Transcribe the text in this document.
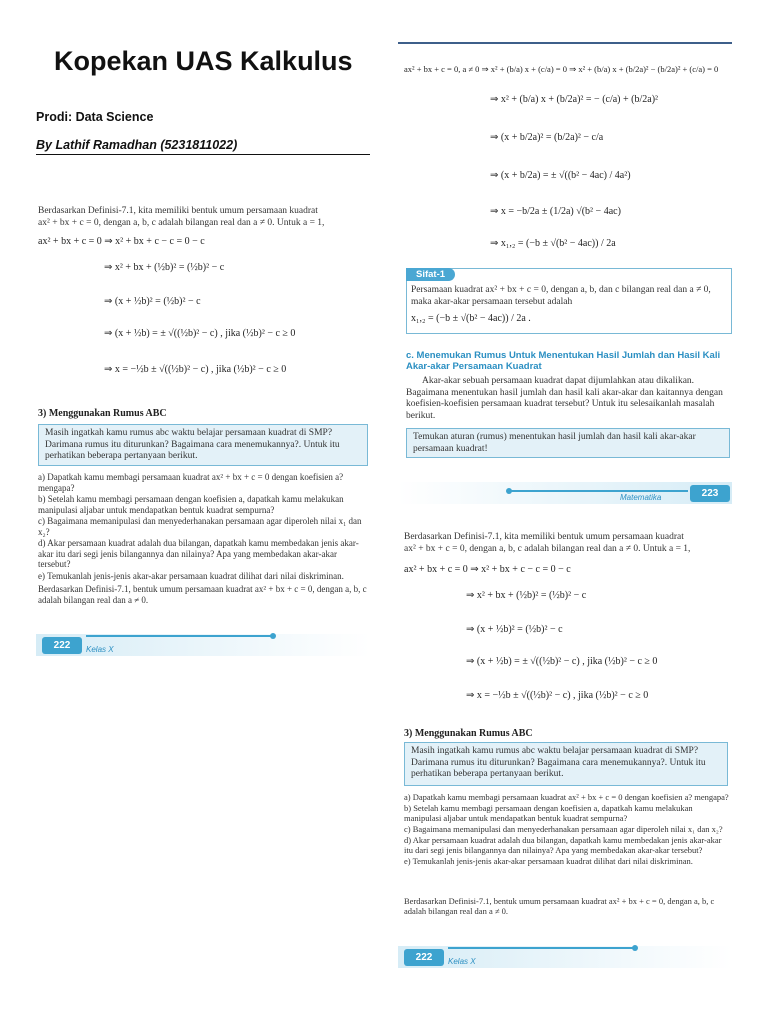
Kopekan UAS Kalkulus
Prodi: Data Science
By Lathif Ramadhan (5231811022)
Berdasarkan Definisi-7.1, kita memiliki bentuk umum persamaan kuadrat
ax² + bx + c = 0, dengan a, b, c adalah bilangan real dan a ≠ 0. Untuk a = 1,
ax² + bx + c = 0 ⇒ x² + bx + c − c = 0 − c
⇒ x² + bx + (½b)² = (½b)² − c
⇒ (x + ½b)² = (½b)² − c
⇒ (x + ½b) = ± √((½b)² − c) , jika (½b)² − c ≥ 0
⇒ x = −½b ± √((½b)² − c) , jika (½b)² − c ≥ 0
3) Menggunakan Rumus ABC
Masih ingatkah kamu rumus abc waktu belajar persamaan kuadrat di SMP? Darimana rumus itu diturunkan? Bagaimana cara menemukannya?. Untuk itu perhatikan beberapa pertanyaan berikut.
a) Dapatkah kamu membagi persamaan kuadrat ax² + bx + c = 0 dengan koefisien a? mengapa?
b) Setelah kamu membagi persamaan dengan koefisien a, dapatkah kamu melakukan manipulasi aljabar untuk mendapatkan bentuk kuadrat sempurna?
c) Bagaimana memanipulasi dan menyederhanakan persamaan agar diperoleh nilai x₁ dan x₂?
d) Akar persamaan kuadrat adalah dua bilangan, dapatkah kamu membedakan jenis akar-akar itu dari segi jenis bilangannya dan nilainya? Apa yang membedakan akar-akar tersebut?
e) Temukanlah jenis-jenis akar-akar persamaan kuadrat dilihat dari nilai diskriminan.
Berdasarkan Definisi-7.1, bentuk umum persamaan kuadrat ax² + bx + c = 0, dengan a, b, c adalah bilangan real dan a ≠ 0.
222	Kelas X
ax² + bx + c = 0, a ≠ 0 ⇒ x² + (b/a) x + (c/a) = 0 ⇒ x² + (b/a) x + (b/2a)² − (b/2a)² + (c/a) = 0
⇒ x² + (b/a) x + (b/2a)² = − (c/a) + (b/2a)²
⇒ (x + b/2a)² = (b/2a)² − c/a
⇒ (x + b/2a) = ± √((b² − 4ac) / 4a²)
⇒ x = −b/2a ± (1/2a) √(b² − 4ac)
⇒ x₁,₂ = (−b ± √(b² − 4ac)) / 2a
Sifat-1
Persamaan kuadrat ax² + bx + c = 0, dengan a, b, dan c bilangan real dan a ≠ 0, maka akar-akar persamaan tersebut adalah
x₁,₂ = (−b ± √(b² − 4ac)) / 2a .
c. Menemukan Rumus Untuk Menentukan Hasil Jumlah dan Hasil Kali Akar-akar Persamaan Kuadrat
Akar-akar sebuah persamaan kuadrat dapat dijumlahkan atau dikalikan. Bagaimana menentukan hasil jumlah dan hasil kali akar-akar dan kaitannya dengan koefisien-koefisien persamaan kuadrat tersebut? Untuk itu selesaikanlah masalah berikut.
Temukan aturan (rumus) menentukan hasil jumlah dan hasil kali akar-akar persamaan kuadrat!
Matematika	223
Berdasarkan Definisi-7.1, kita memiliki bentuk umum persamaan kuadrat
ax² + bx + c = 0, dengan a, b, c adalah bilangan real dan a ≠ 0. Untuk a = 1,
ax² + bx + c = 0 ⇒ x² + bx + c − c = 0 − c
⇒ x² + bx + (½b)² = (½b)² − c
⇒ (x + ½b)² = (½b)² − c
⇒ (x + ½b) = ± √((½b)² − c) , jika (½b)² − c ≥ 0
⇒ x = −½b ± √((½b)² − c) , jika (½b)² − c ≥ 0
3) Menggunakan Rumus ABC
Masih ingatkah kamu rumus abc waktu belajar persamaan kuadrat di SMP? Darimana rumus itu diturunkan? Bagaimana cara menemukannya?. Untuk itu perhatikan beberapa pertanyaan berikut.
a) Dapatkah kamu membagi persamaan kuadrat ax² + bx + c = 0 dengan koefisien a? mengapa?
b) Setelah kamu membagi persamaan dengan koefisien a, dapatkah kamu melakukan manipulasi aljabar untuk mendapatkan bentuk kuadrat sempurna?
c) Bagaimana memanipulasi dan menyederhanakan persamaan agar diperoleh nilai x₁ dan x₂?
d) Akar persamaan kuadrat adalah dua bilangan, dapatkah kamu membedakan jenis akar-akar itu dari segi jenis bilangannya dan nilainya? Apa yang membedakan akar-akar tersebut?
e) Temukanlah jenis-jenis akar-akar persamaan kuadrat dilihat dari nilai diskriminan.
Berdasarkan Definisi-7.1, bentuk umum persamaan kuadrat ax² + bx + c = 0, dengan a, b, c adalah bilangan real dan a ≠ 0.
222	Kelas X
